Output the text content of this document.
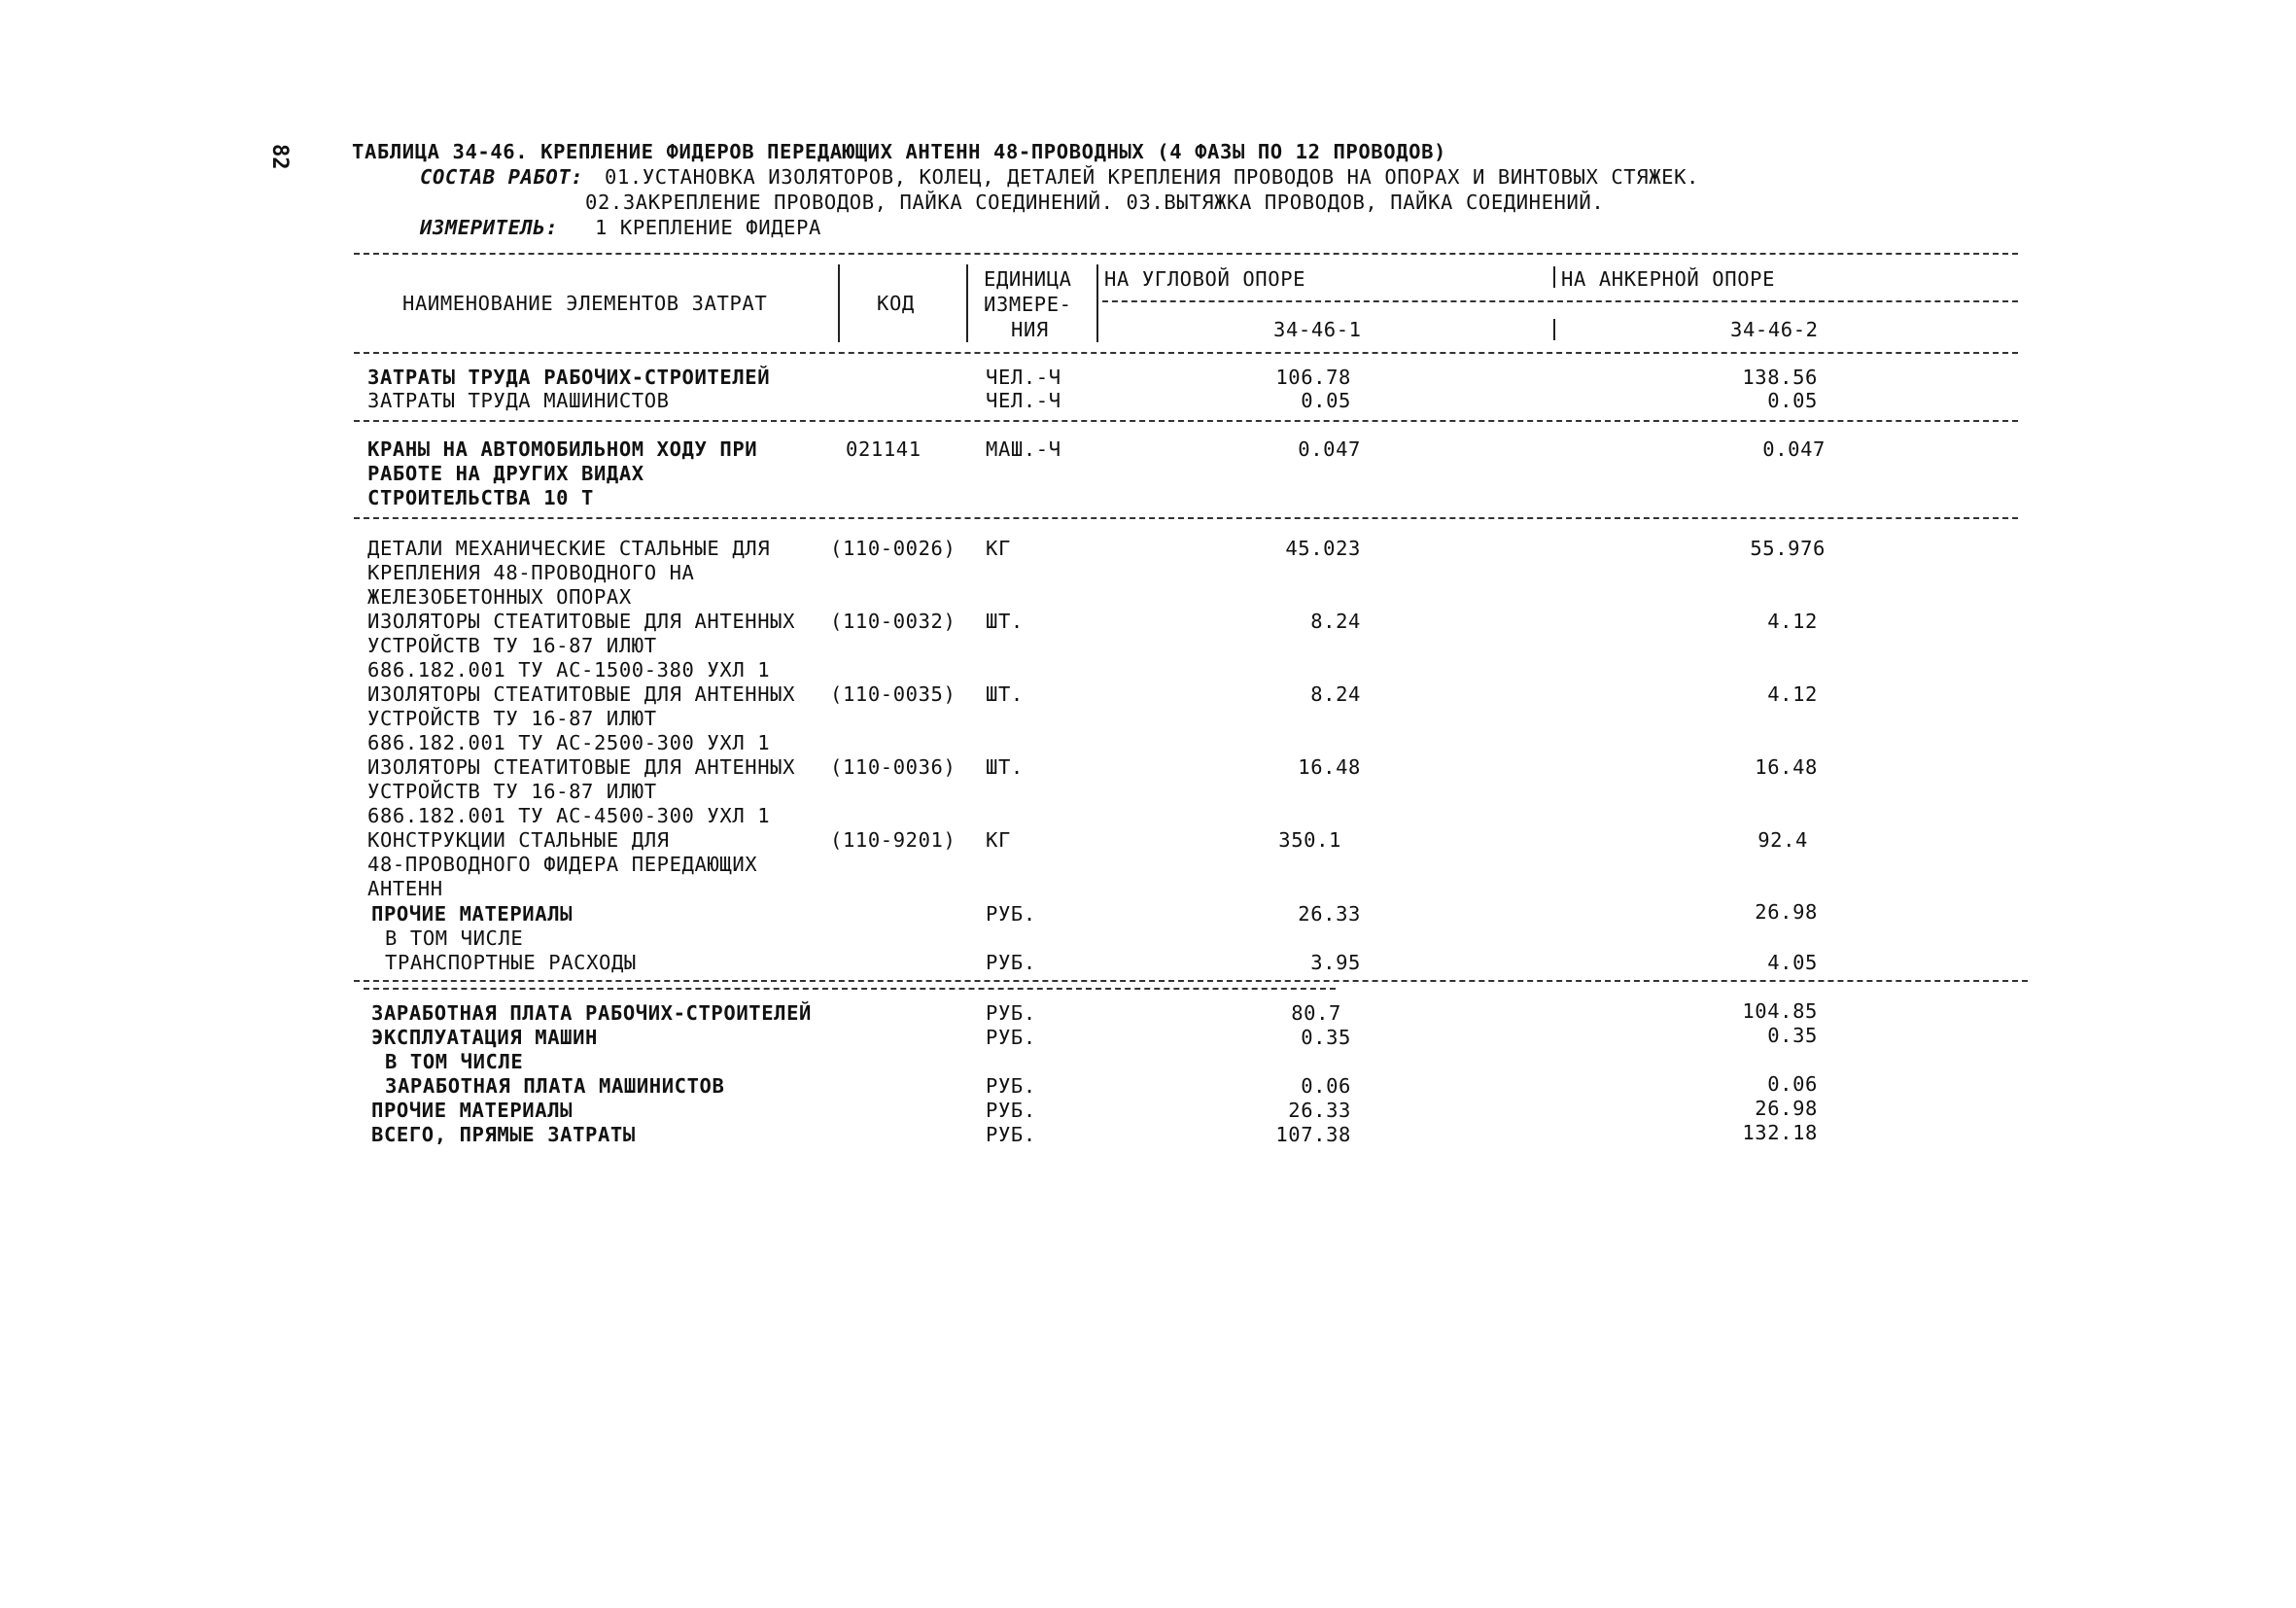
82	ТАБЛИЦА 34-46. КРЕПЛЕНИЕ ФИДЕРОВ ПЕРЕДАЮЩИХ АНТЕНН 48-ПРОВОДНЫХ (4 ФАЗЫ ПО 12 ПРОВОДОВ)
СОСТАВ РАБОТ: 01.УСТАНОВКА ИЗОЛЯТОРОВ, КОЛЕЦ, ДЕТАЛЕЙ КРЕПЛЕНИЯ ПРОВОДОВ НА ОПОРАХ И ВИНТОВЫХ СТЯЖЕК.
02.ЗАКРЕПЛЕНИЕ ПРОВОДОВ, ПАЙКА СОЕДИНЕНИЙ. 03.ВЫТЯЖКА ПРОВОДОВ, ПАЙКА СОЕДИНЕНИЙ.
ИЗМЕРИТЕЛЬ: 1 КРЕПЛЕНИЕ ФИДЕРА
НАИМЕНОВАНИЕ ЭЛЕМЕНТОВ ЗАТРАТ	КОД
ЕДИНИЦА
ИЗМЕРЕ-
НИЯ
НА УГЛОВОЙ ОПОРЕ	НА АНКЕРНОЙ ОПОРЕ
34-46-1	34-46-2
ЗАТРАТЫ ТРУДА РАБОЧИХ-СТРОИТЕЛЕЙ	ЧЕЛ.-Ч	106.78	138.56
ЗАТРАТЫ ТРУДА МАШИНИСТОВ	ЧЕЛ.-Ч	0.05	0.05
КРАНЫ НА АВТОМОБИЛЬНОМ ХОДУ ПРИ
РАБОТЕ НА ДРУГИХ ВИДАХ
СТРОИТЕЛЬСТВА 10 Т
021141	МАШ.-Ч	0.047	0.047
ДЕТАЛИ МЕХАНИЧЕСКИЕ СТАЛЬНЫЕ ДЛЯ
КРЕПЛЕНИЯ 48-ПРОВОДНОГО НА
ЖЕЛЕЗОБЕТОННЫХ ОПОРАХ
(110-0026) КГ	45.023	55.976
ИЗОЛЯТОРЫ СТЕАТИТОВЫЕ ДЛЯ АНТЕННЫХ
УСТРОЙСТВ ТУ 16-87 ИЛЮТ
686.182.001 ТУ АС-1500-380 УХЛ 1
(110-0032) ШТ.	8.24	4.12
ИЗОЛЯТОРЫ СТЕАТИТОВЫЕ ДЛЯ АНТЕННЫХ
УСТРОЙСТВ ТУ 16-87 ИЛЮТ
686.182.001 ТУ АС-2500-300 УХЛ 1
(110-0035) ШТ.	8.24	4.12
ИЗОЛЯТОРЫ СТЕАТИТОВЫЕ ДЛЯ АНТЕННЫХ
УСТРОЙСТВ ТУ 16-87 ИЛЮТ
686.182.001 ТУ АС-4500-300 УХЛ 1
(110-0036) ШТ.	16.48	16.48
КОНСТРУКЦИИ СТАЛЬНЫЕ ДЛЯ
48-ПРОВОДНОГО ФИДЕРА ПЕРЕДАЮЩИХ
АНТЕНН
(110-9201) КГ	350.1	92.4
ПРОЧИЕ МАТЕРИАЛЫ	РУБ.	26.33	26.98
В ТОМ ЧИСЛЕ
ТРАНСПОРТНЫЕ РАСХОДЫ	РУБ.	3.95	4.05
ЗАРАБОТНАЯ ПЛАТА РАБОЧИХ-СТРОИТЕЛЕЙ	РУБ.	80.7	104.85
ЭКСПЛУАТАЦИЯ МАШИН	РУБ.	0.35	0.35
В ТОМ ЧИСЛЕ
ЗАРАБОТНАЯ ПЛАТА МАШИНИСТОВ	РУБ.	0.06	0.06
ПРОЧИЕ МАТЕРИАЛЫ	РУБ.	26.33	26.98
ВСЕГО, ПРЯМЫЕ ЗАТРАТЫ	РУБ.	107.38	132.18
